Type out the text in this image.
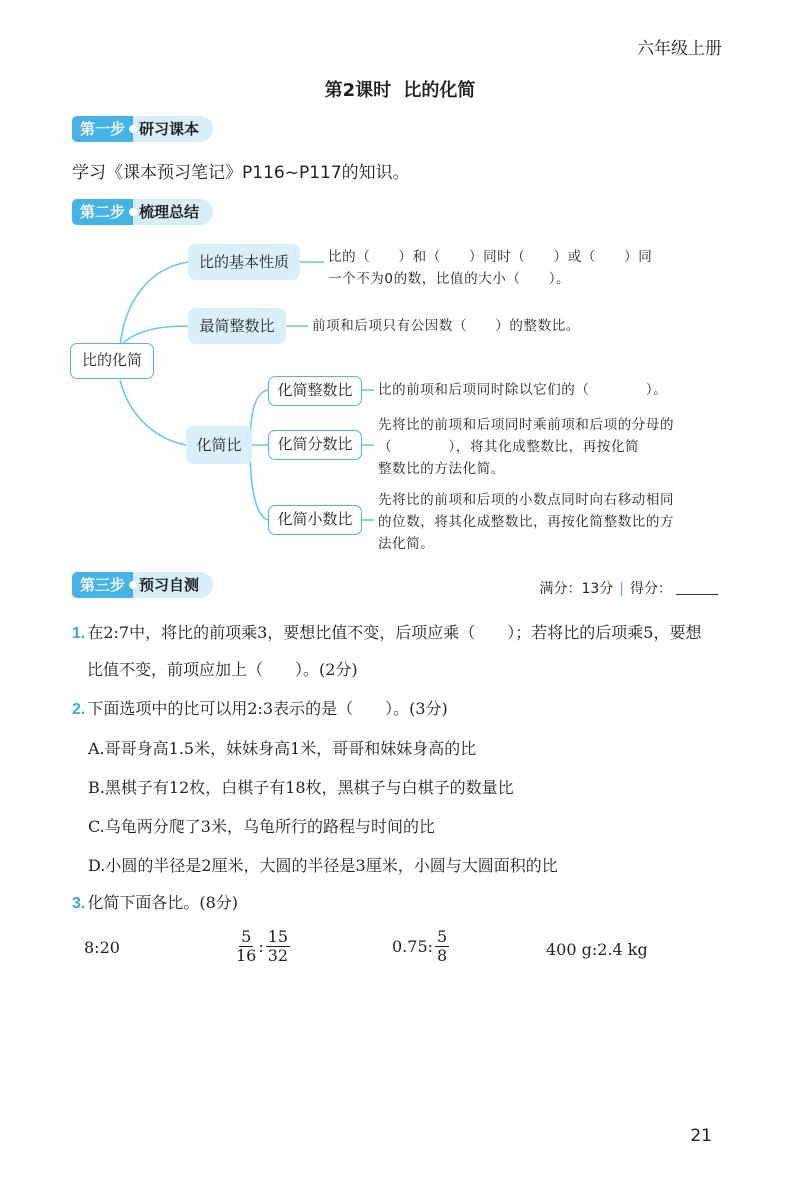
六年级上册
第2课时 比的化简
第一步 研习课本
学习《课本预习笔记》P116~P117的知识。
第二步 梳理总结
比的化简
比的基本性质	比的（　　）和（　　）同时（　　）或（　　）同
一个不为0的数，比值的大小（　　）。
最简整数比	前项和后项只有公因数（　　）的整数比。
化简比
化简整数比	比的前项和后项同时除以它们的（　　　　）。
化简分数比
先将比的前项和后项同时乘前项和后项的分母的
（　　　　），将其化成整数比，再按化简
整数比的方法化简。
化简小数比
先将比的前项和后项的小数点同时向右移动相同
的位数，将其化成整数比，再按化简整数比的方
法化简。
第三步 预习自测	满分：13分 | 得分：
1. 在2:7中，将比的前项乘3，要想比值不变，后项应乘（　　）；若将比的后项乘5，要想
比值不变，前项应加上（　　）。(2分)
2. 下面选项中的比可以用2:3表示的是（　　）。(3分)
A.哥哥身高1.5米，妹妹身高1米，哥哥和妹妹身高的比
B.黑棋子有12枚，白棋子有18枚，黑棋子与白棋子的数量比
C.乌龟两分爬了3米，乌龟所行的路程与时间的比
D.小圆的半径是2厘米，大圆的半径是3厘米，小圆与大圆面积的比
3. 化简下面各比。(8分)
8:20	$\frac{5}{16}$ : $\frac{15}{32}$	0.75: $\frac{5}{8}$	400 g:2.4 kg
21
